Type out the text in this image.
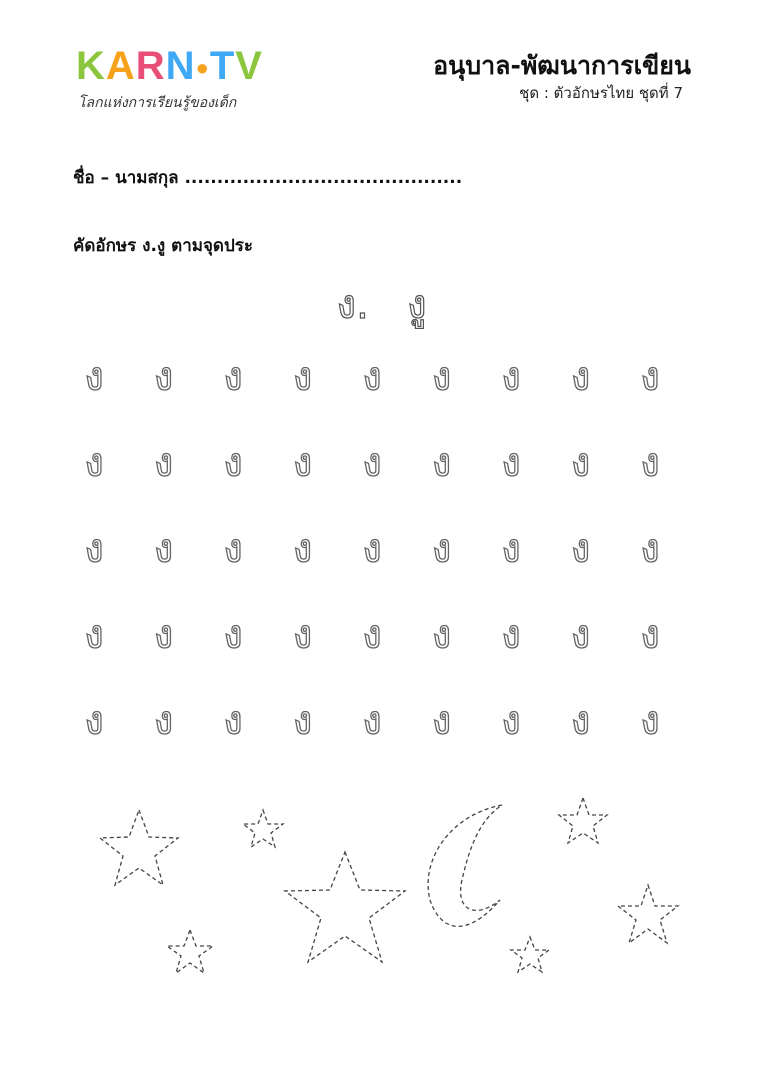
KARN●TV
โลกแห่งการเรียนรู้ของเด็ก
อนุบาล-พัฒนาการเขียน
ชุด : ตัวอักษรไทย ชุดที่ 7
ชื่อ – นามสกุล ...........................................
คัดอักษร ง.งู ตามจุดประ
ง. งู
ง	ง	ง	ง	ง	ง	ง	ง	ง
ง	ง	ง	ง	ง	ง	ง	ง	ง
ง	ง	ง	ง	ง	ง	ง	ง	ง
ง	ง	ง	ง	ง	ง	ง	ง	ง
ง	ง	ง	ง	ง	ง	ง	ง	ง
